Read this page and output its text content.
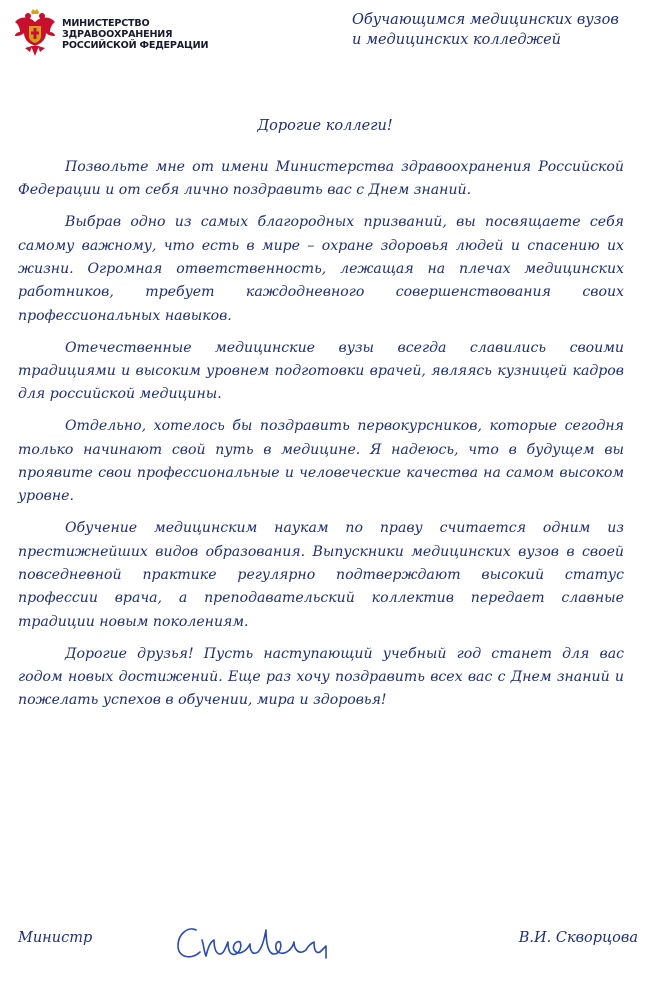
МИНИСТЕРСТВО
ЗДРАВООХРАНЕНИЯ
РОССИЙСКОЙ ФЕДЕРАЦИИ
Обучающимся медицинских вузов
и медицинских колледжей
Дорогие коллеги!

Позвольте мне от имени Министерства здравоохранения Российской Федерации и от себя лично поздравить вас с Днем знаний.

Выбрав одно из самых благородных призваний, вы посвящаете себя самому важному, что есть в мире – охране здоровья людей и спасению их жизни. Огромная ответственность, лежащая на плечах медицинских работников, требует каждодневного совершенствования своих профессиональных навыков.

Отечественные медицинские вузы всегда славились своими традициями и высоким уровнем подготовки врачей, являясь кузницей кадров для российской медицины.

Отдельно, хотелось бы поздравить первокурсников, которые сегодня только начинают свой путь в медицине. Я надеюсь, что в будущем вы проявите свои профессиональные и человеческие качества на самом высоком уровне.

Обучение медицинским наукам по праву считается одним из престижнейших видов образования. Выпускники медицинских вузов в своей повседневной практике регулярно подтверждают высокий статус профессии врача, а преподавательский коллектив передает славные традиции новым поколениям.

Дорогие друзья! Пусть наступающий учебный год станет для вас годом новых достижений. Еще раз хочу поздравить всех вас с Днем знаний и пожелать успехов в обучении, мира и здоровья!

Министр	В.И. Скворцова
